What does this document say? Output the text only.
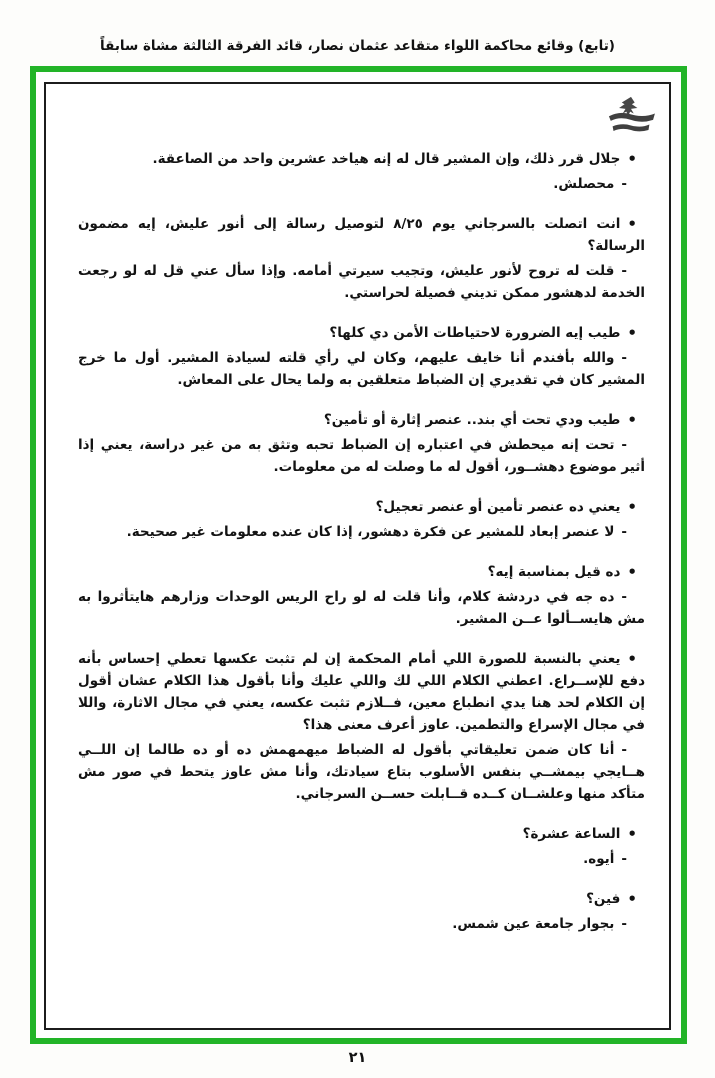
(تابع) وقائع محاكمة اللواء متقاعد عثمان نصار، قائد الفرقة الثالثة مشاة سابقاً
•جلال قرر ذلك، وإن المشير قال له إنه هياخد عشرين واحد من الصاعقة.
-محصلش.
•انت اتصلت بالسرجاني يوم ٨/٢٥ لتوصيل رسالة إلى أنور عليش، إيه مضمون الرسالة؟
-قلت له تروح لأنور عليش، وتجيب سيرتي أمامه. وإذا سأل عني قل له لو رجعت الخدمة لدهشور ممكن تديني فصيلة لحراستي.
•طيب إيه الضرورة لاحتياطات الأمن دي كلها؟
-والله بأفندم أنا خايف عليهم، وكان لي رأي قلته لسيادة المشير. أول ما خرج المشير كان في تقديري إن الضباط متعلقين به ولما يحال على المعاش.
•طيب ودي تحت أي بند.. عنصر إثارة أو تأمين؟
-تحت إنه ميحطش في اعتباره إن الضباط تحبه وتثق به من غير دراسة، يعني إذا أثير موضوع دهشــور، أقول له ما وصلت له من معلومات.
•يعني ده عنصر تأمين أو عنصر تعجيل؟
-لا عنصر إبعاد للمشير عن فكرة دهشور، إذا كان عنده معلومات غير صحيحة.
•ده قيل بمناسبة إيه؟
-ده جه في دردشة كلام، وأنا قلت له لو راح الريس الوحدات وزارهم هايتأثروا به مش هايســألوا عــن المشير.
•يعني بالنسبة للصورة اللي أمام المحكمة إن لم تثبت عكسها تعطي إحساس بأنه دفع للإســراع. اعطني الكلام اللي لك واللي عليك وأنا بأقول هذا الكلام عشان أقول إن الكلام لحد هنا يدي انطباع معين، فــلازم تثبت عكسه، يعني في مجال الاثارة، واللا في مجال الإسراع والتطمين. عاوز أعرف معنى هذا؟
-أنا كان ضمن تعليقاتي بأقول له الضباط ميهمهمش ده أو ده طالما إن اللــي هــايجي بيمشــي بنفس الأسلوب بتاع سيادتك، وأنا مش عاوز يتحط في صور مش متأكد منها وعلشــان كــده قــابلت حســن السرجاني.
•الساعة عشرة؟
-أيوه.
•فين؟
-بجوار جامعة عين شمس.
٢١
